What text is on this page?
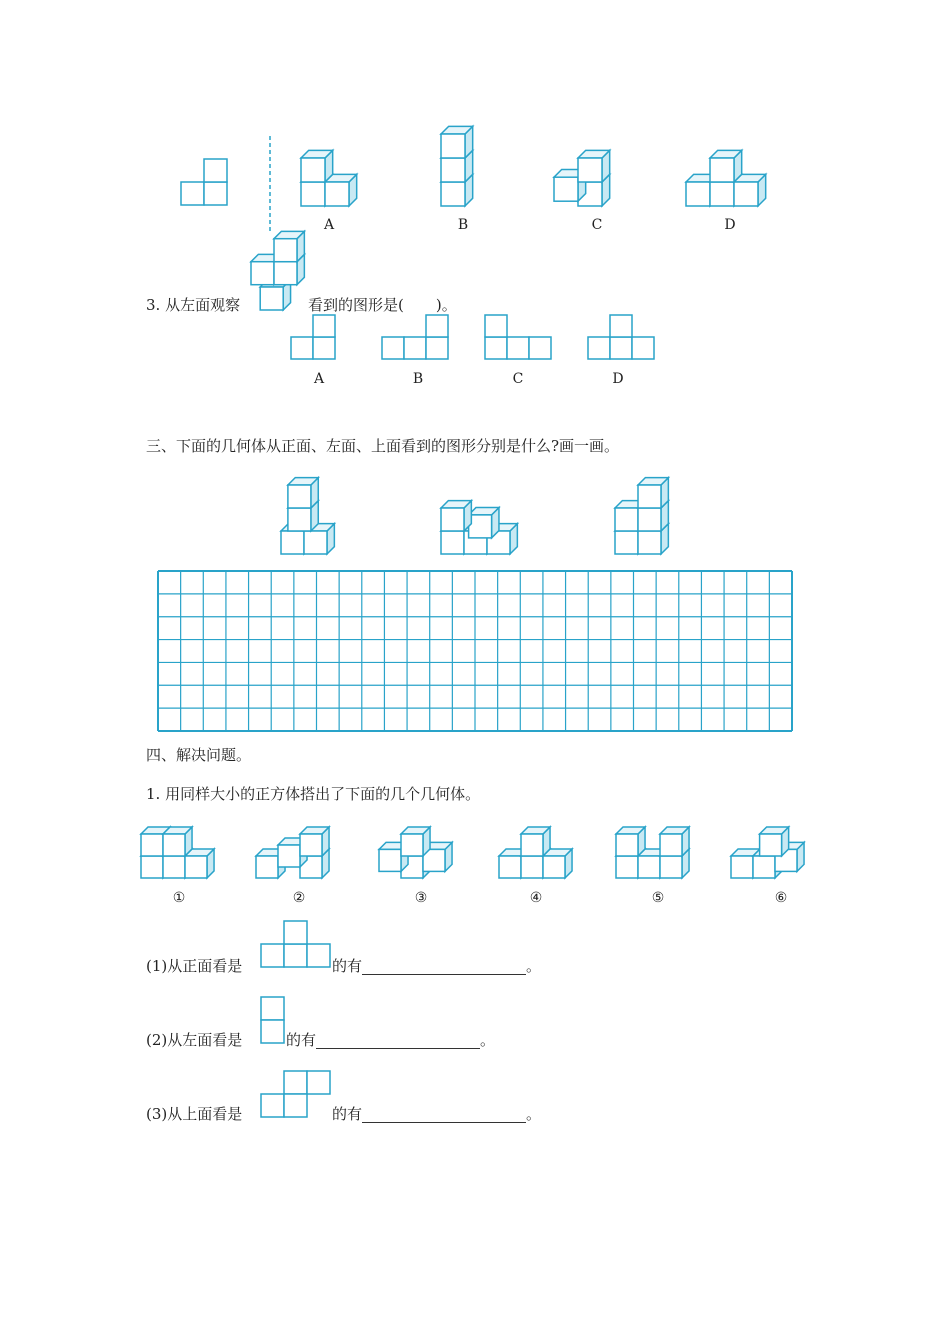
A	B	C	D
3. 从左面观察	看到的图形是( )。
A	B	C	D
三、下面的几何体从正面、左面、上面看到的图形分别是什么?画一画。
四、解决问题。
1. 用同样大小的正方体搭出了下面的几个几何体。
①	②	③	④	⑤	⑥
(1)从正面看是	的有	。
(2)从左面看是	的有	。
(3)从上面看是	的有	。
